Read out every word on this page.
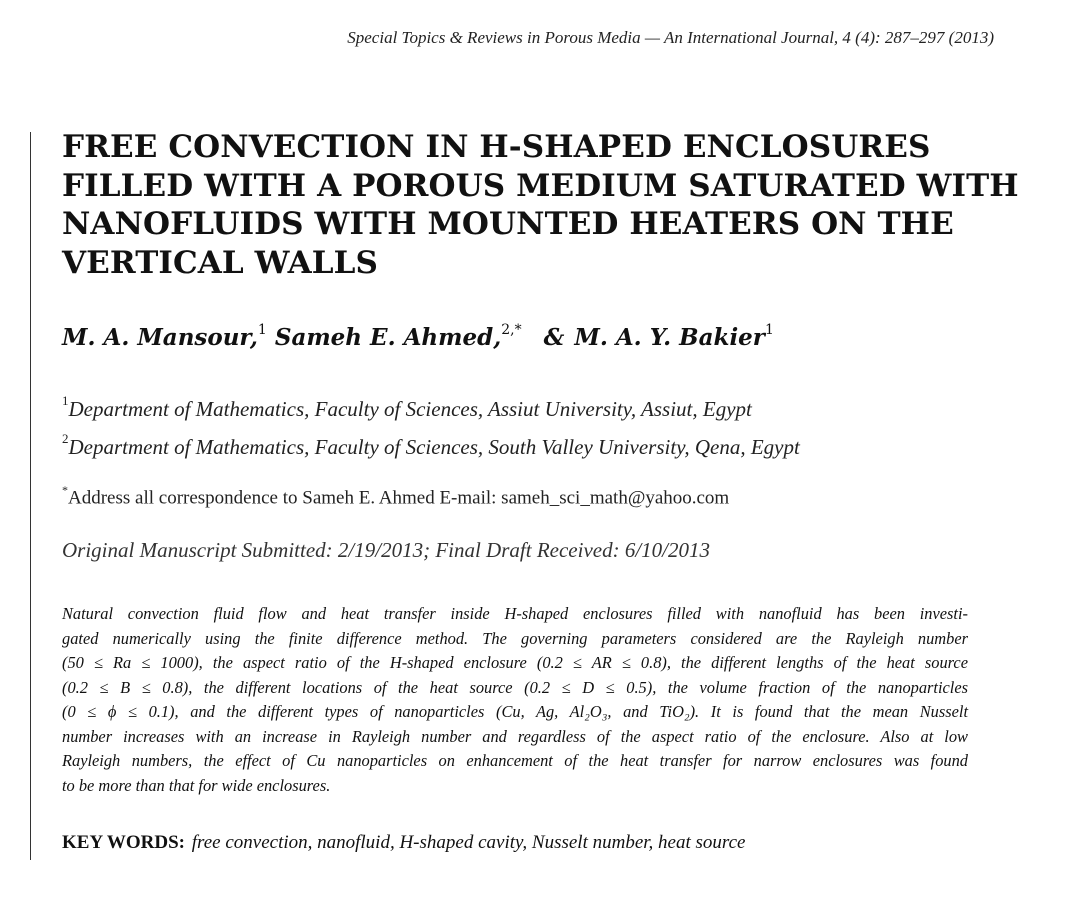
Special Topics & Reviews in Porous Media — An International Journal, 4 (4): 287–297 (2013)
FREE CONVECTION IN H-SHAPED ENCLOSURES
FILLED WITH A POROUS MEDIUM SATURATED WITH
NANOFLUIDS WITH MOUNTED HEATERS ON THE
VERTICAL WALLS
M. A. Mansour,$^1$ Sameh E. Ahmed,$^{2,*}$ & M. A. Y. Bakier$^1$
$^1$Department of Mathematics, Faculty of Sciences, Assiut University, Assiut, Egypt
$^2$Department of Mathematics, Faculty of Sciences, South Valley University, Qena, Egypt
*Address all correspondence to Sameh E. Ahmed E-mail: sameh_sci_math@yahoo.com
Original Manuscript Submitted: 2/19/2013; Final Draft Received: 6/10/2013

Natural convection fluid flow and heat transfer inside H-shaped enclosures filled with nanofluid has been investi-
gated numerically using the finite difference method. The governing parameters considered are the Rayleigh number
(50 ≤ Ra ≤ 1000), the aspect ratio of the H-shaped enclosure (0.2 ≤ AR ≤ 0.8), the different lengths of the heat source
(0.2 ≤ B ≤ 0.8), the different locations of the heat source (0.2 ≤ D ≤ 0.5), the volume fraction of the nanoparticles
(0 ≤ ϕ ≤ 0.1), and the different types of nanoparticles (Cu, Ag, Al₂O₃, and TiO₂). It is found that the mean Nusselt
number increases with an increase in Rayleigh number and regardless of the aspect ratio of the enclosure. Also at low
Rayleigh numbers, the effect of Cu nanoparticles on enhancement of the heat transfer for narrow enclosures was found
to be more than that for wide enclosures.

KEY WORDS: free convection, nanofluid, H-shaped cavity, Nusselt number, heat source
